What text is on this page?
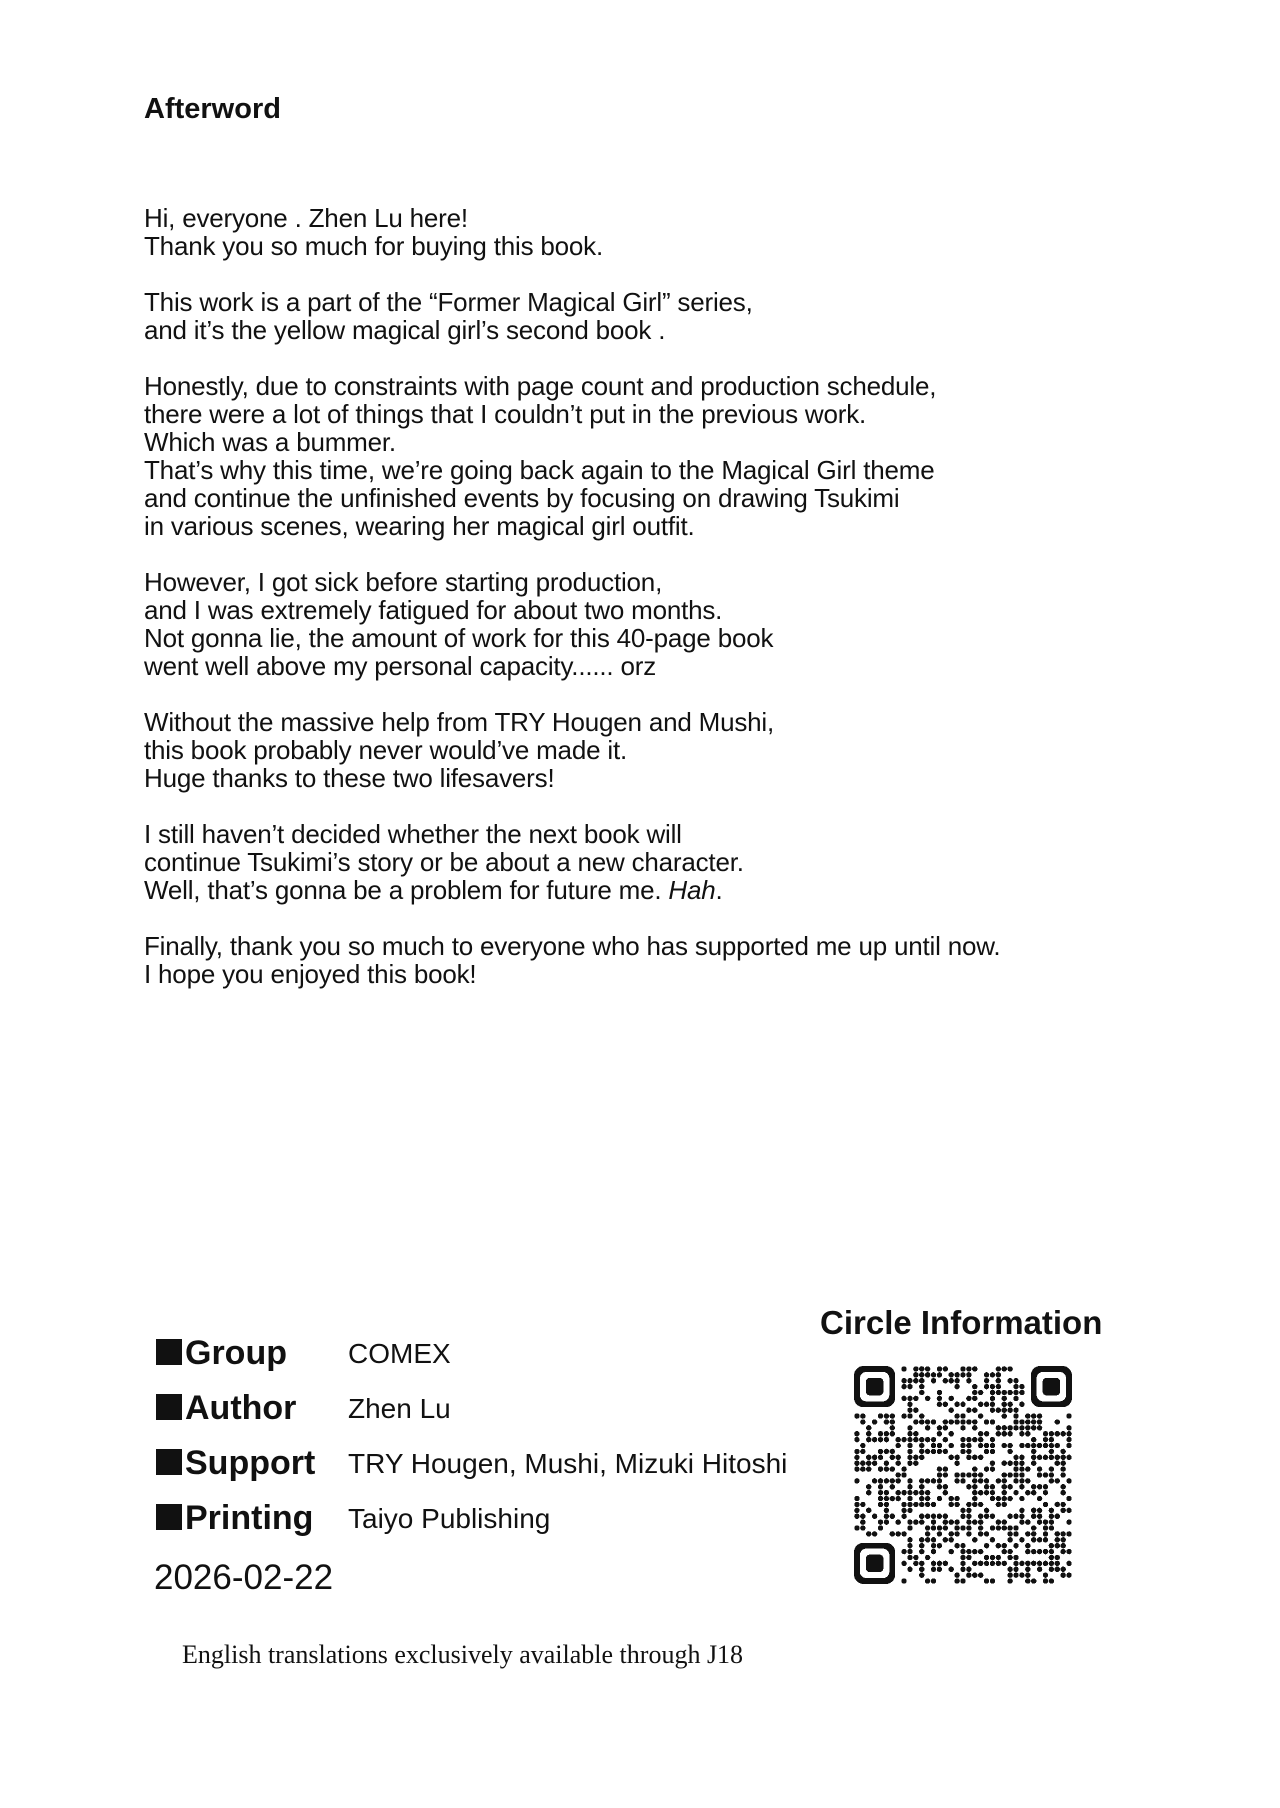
Afterword
Hi, everyone . Zhen Lu here!
Thank you so much for buying this book.
This work is a part of the “Former Magical Girl” series,
and it’s the yellow magical girl’s second book .
Honestly, due to constraints with page count and production schedule,
there were a lot of things that I couldn’t put in the previous work.
Which was a bummer.
That’s why this time, we’re going back again to the Magical Girl theme
and continue the unfinished events by focusing on drawing Tsukimi
in various scenes, wearing her magical girl outfit.
However, I got sick before starting production,
and I was extremely fatigued for about two months.
Not gonna lie, the amount of work for this 40-page book
went well above my personal capacity...... orz
Without the massive help from TRY Hougen and Mushi,
this book probably never would’ve made it.
Huge thanks to these two lifesavers!
I still haven’t decided whether the next book will
continue Tsukimi’s story or be about a new character.
Well, that’s gonna be a problem for future me. Hah.
Finally, thank you so much to everyone who has supported me up until now.
I hope you enjoyed this book!
Group COMEX
Author Zhen Lu
Support TRY Hougen, Mushi, Mizuki Hitoshi
Printing Taiyo Publishing
2026-02-22
Circle Information
English translations exclusively available through J18
